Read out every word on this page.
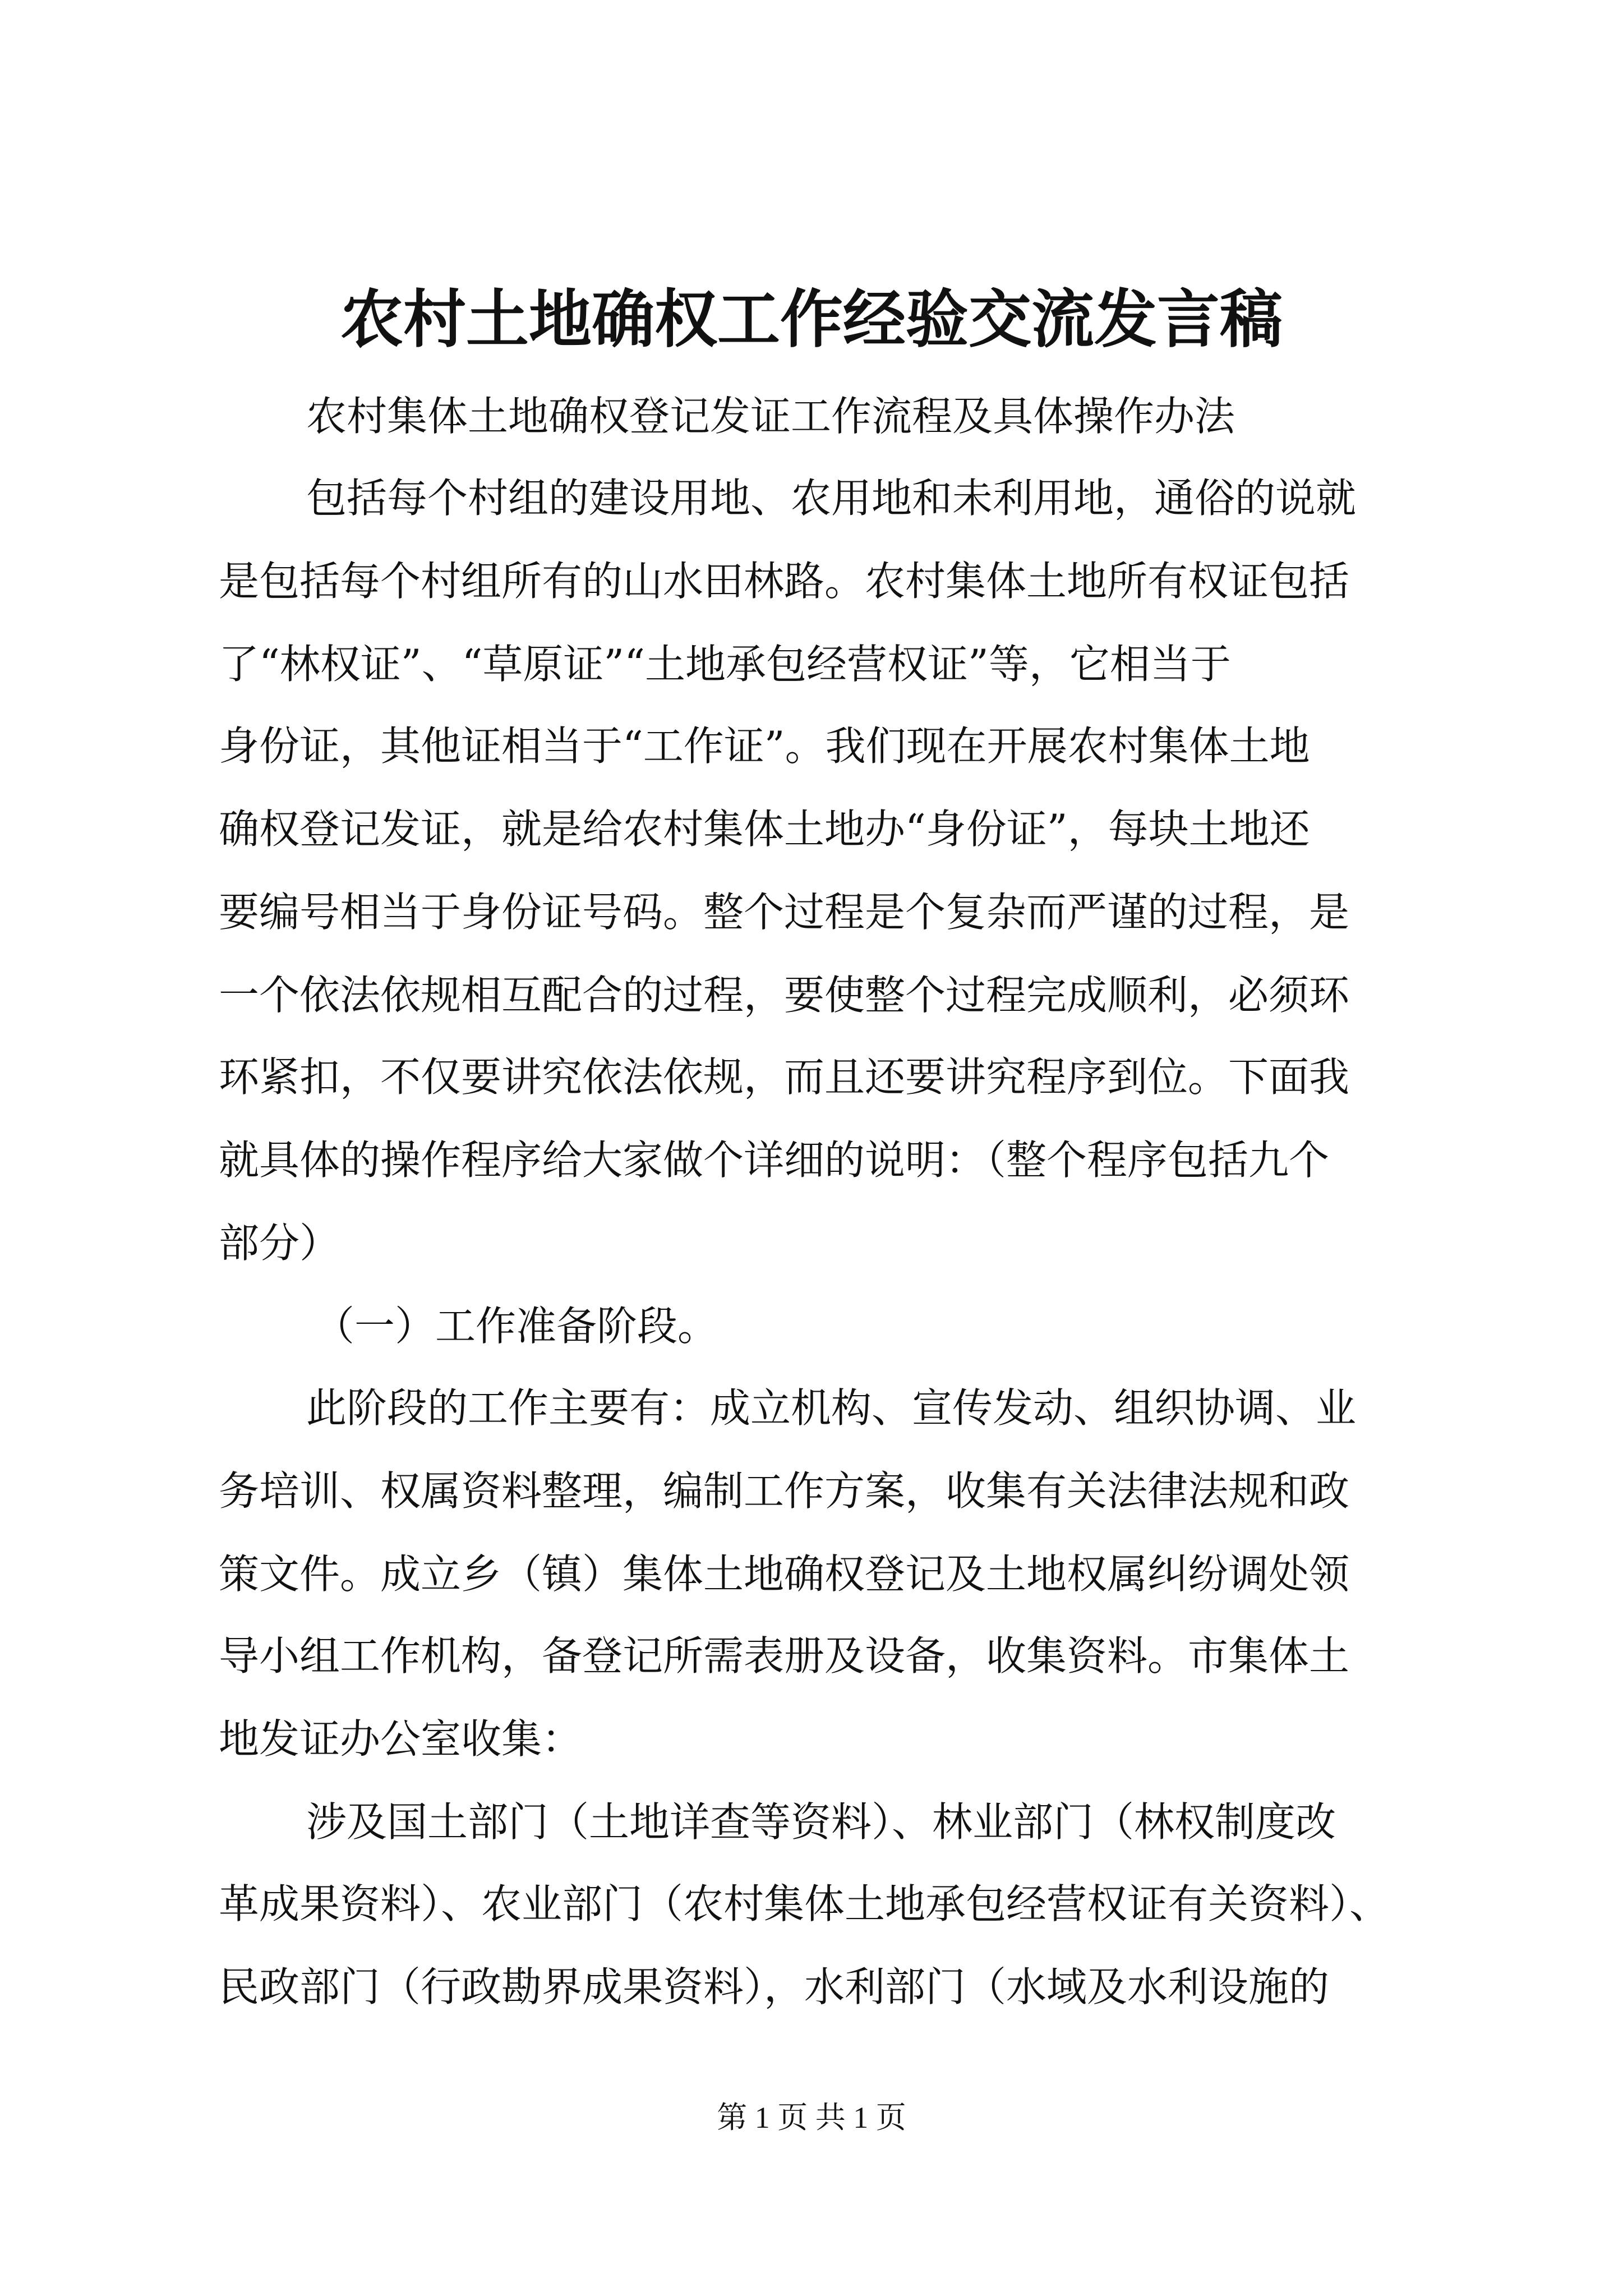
农村土地确权工作经验交流发言稿
农村集体土地确权登记发证工作流程及具体操作办法
包括每个村组的建设用地、农用地和未利用地，通俗的说就
是包括每个村组所有的山水田林路。农村集体土地所有权证包括
了“林权证”、“草原证”“土地承包经营权证”等，它相当于
身份证，其他证相当于“工作证”。我们现在开展农村集体土地
确权登记发证，就是给农村集体土地办“身份证”，每块土地还
要编号相当于身份证号码。整个过程是个复杂而严谨的过程，是
一个依法依规相互配合的过程，要使整个过程完成顺利，必须环
环紧扣，不仅要讲究依法依规，而且还要讲究程序到位。下面我
就具体的操作程序给大家做个详细的说明：（整个程序包括九个
部分）
（一）工作准备阶段。
此阶段的工作主要有：成立机构、宣传发动、组织协调、业
务培训、权属资料整理，编制工作方案，收集有关法律法规和政
策文件。成立乡（镇）集体土地确权登记及土地权属纠纷调处领
导小组工作机构，备登记所需表册及设备，收集资料。市集体土
地发证办公室收集：
涉及国土部门（土地详查等资料）、林业部门（林权制度改
革成果资料）、农业部门（农村集体土地承包经营权证有关资料）、
民政部门（行政勘界成果资料），水利部门（水域及水利设施的
第 1 页 共 1 页
